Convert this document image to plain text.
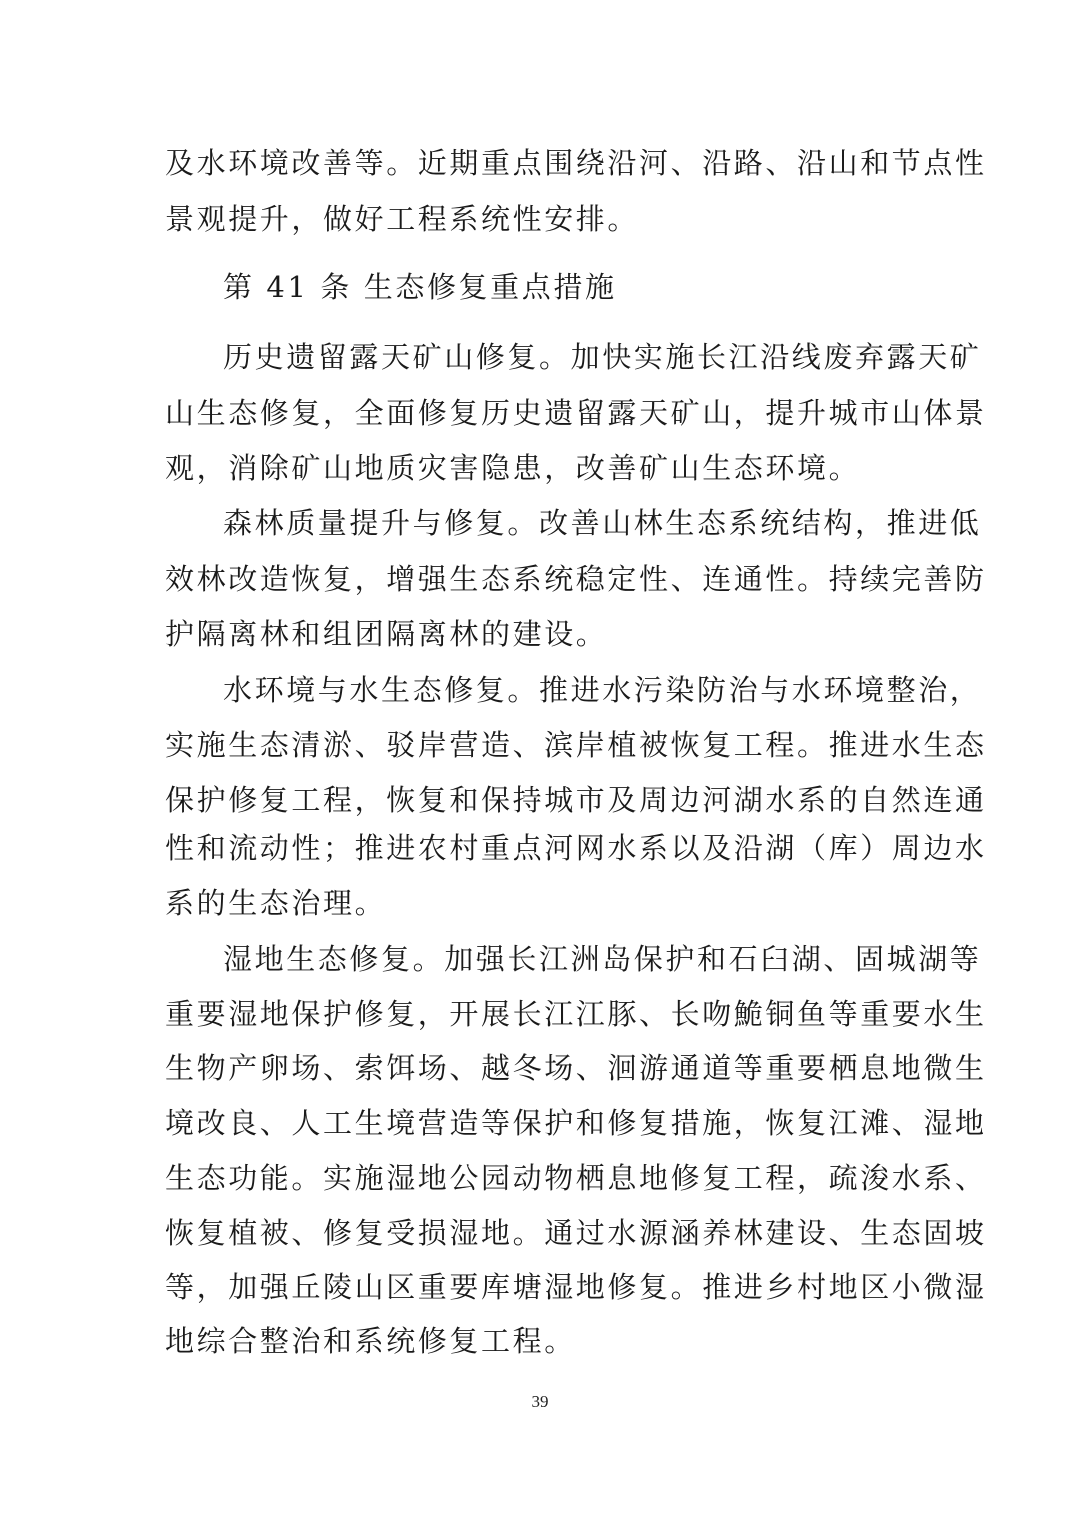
及水环境改善等。近期重点围绕沿河、沿路、沿山和节点性
景观提升，做好工程系统性安排。
第 41 条 生态修复重点措施
历史遗留露天矿山修复。加快实施长江沿线废弃露天矿
山生态修复，全面修复历史遗留露天矿山，提升城市山体景
观，消除矿山地质灾害隐患，改善矿山生态环境。
森林质量提升与修复。改善山林生态系统结构，推进低
效林改造恢复，增强生态系统稳定性、连通性。持续完善防
护隔离林和组团隔离林的建设。
水环境与水生态修复。推进水污染防治与水环境整治，
实施生态清淤、驳岸营造、滨岸植被恢复工程。推进水生态
保护修复工程，恢复和保持城市及周边河湖水系的自然连通
性和流动性；推进农村重点河网水系以及沿湖（库）周边水
系的生态治理。
湿地生态修复。加强长江洲岛保护和石臼湖、固城湖等
重要湿地保护修复，开展长江江豚、长吻鮠铜鱼等重要水生
生物产卵场、索饵场、越冬场、洄游通道等重要栖息地微生
境改良、人工生境营造等保护和修复措施，恢复江滩、湿地
生态功能。实施湿地公园动物栖息地修复工程，疏浚水系、
恢复植被、修复受损湿地。通过水源涵养林建设、生态固坡
等，加强丘陵山区重要库塘湿地修复。推进乡村地区小微湿
地综合整治和系统修复工程。
39
